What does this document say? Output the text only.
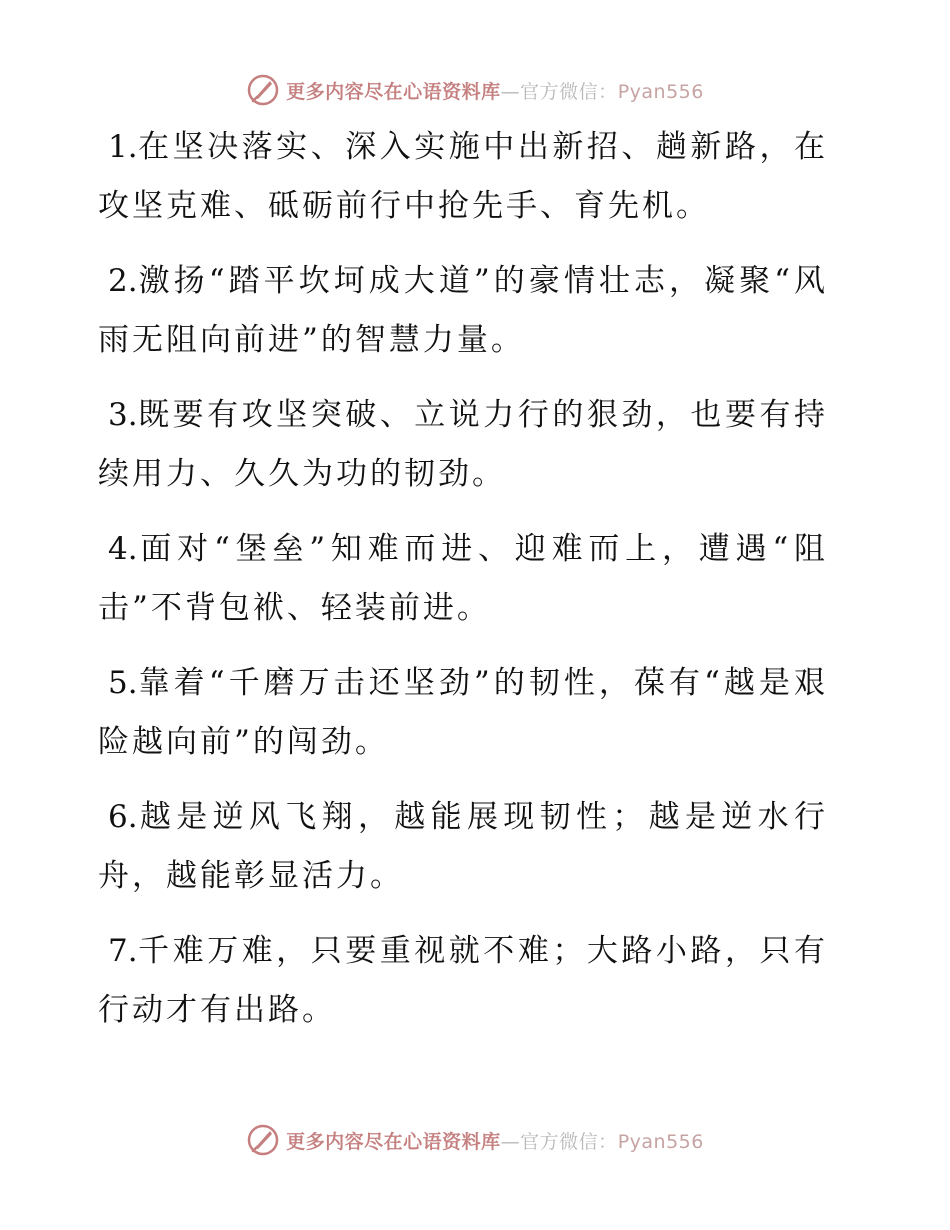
更多内容尽在心语资料库—官方微信：Pyan556

1.在坚决落实、深入实施中出新招、趟新路，在攻坚克难、砥砺前行中抢先手、育先机。

2.激扬“踏平坎坷成大道”的豪情壮志，凝聚“风雨无阻向前进”的智慧力量。

3.既要有攻坚突破、立说力行的狠劲，也要有持续用力、久久为功的韧劲。

4.面对“堡垒”知难而进、迎难而上，遭遇“阻击”不背包袱、轻装前进。

5.靠着“千磨万击还坚劲”的韧性，葆有“越是艰险越向前”的闯劲。

6.越是逆风飞翔，越能展现韧性；越是逆水行舟，越能彰显活力。

7.千难万难，只要重视就不难；大路小路，只有行动才有出路。

更多内容尽在心语资料库—官方微信：Pyan556
